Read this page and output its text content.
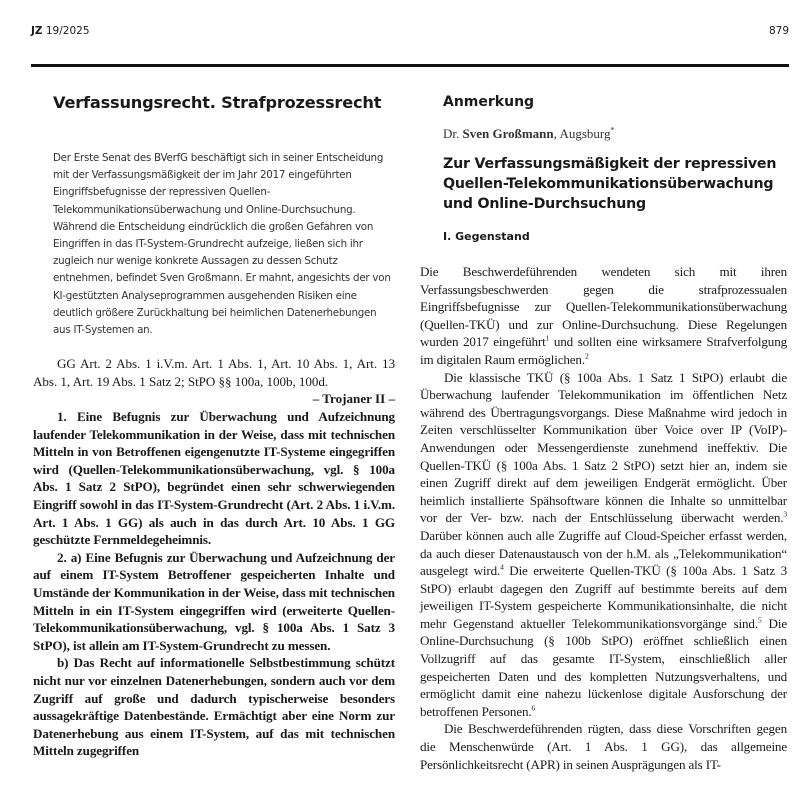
JZ 19/2025	879
Verfassungsrecht. Strafprozessrecht

Der Erste Senat des BVerfG beschäftigt sich in seiner Entscheidung mit der Verfassungsmäßigkeit der im Jahr 2017 eingeführten Eingriffsbefugnisse der repressiven Quellen-Telekommunikationsüberwachung und Online-Durchsuchung. Während die Entscheidung eindrücklich die großen Gefahren von Eingriffen in das IT-System-Grundrecht aufzeige, ließen sich ihr zugleich nur wenige konkrete Aussagen zu dessen Schutz entnehmen, befindet Sven Großmann. Er mahnt, angesichts der von KI-gestützten Analyseprogrammen ausgehenden Risiken eine deutlich größere Zurückhaltung bei heimlichen Datenerhebungen aus IT-Systemen an.

GG Art. 2 Abs. 1 i.V.m. Art. 1 Abs. 1, Art. 10 Abs. 1, Art. 13 Abs. 1, Art. 19 Abs. 1 Satz 2; StPO §§ 100a, 100b, 100d.

– Trojaner II –

1. Eine Befugnis zur Überwachung und Aufzeichnung laufender Telekommunikation in der Weise, dass mit technischen Mitteln in von Betroffenen eigengenutzte IT-Systeme eingegriffen wird (Quellen-Telekommunikationsüberwachung, vgl. § 100a Abs. 1 Satz 2 StPO), begründet einen sehr schwerwiegenden Eingriff sowohl in das IT-System-Grundrecht (Art. 2 Abs. 1 i.V.m. Art. 1 Abs. 1 GG) als auch in das durch Art. 10 Abs. 1 GG geschützte Fernmeldegeheimnis.

2. a) Eine Befugnis zur Überwachung und Aufzeichnung der auf einem IT-System Betroffener gespeicherten Inhalte und Umstände der Kommunikation in der Weise, dass mit technischen Mitteln in ein IT-System eingegriffen wird (erweiterte Quellen-Telekommunikationsüberwachung, vgl. § 100a Abs. 1 Satz 3 StPO), ist allein am IT-System-Grundrecht zu messen.

b) Das Recht auf informationelle Selbstbestimmung schützt nicht nur vor einzelnen Datenerhebungen, sondern auch vor dem Zugriff auf große und dadurch typischerweise besonders aussagekräftige Datenbestände. Ermächtigt aber eine Norm zur Datenerhebung aus einem IT-System, auf das mit technischen Mitteln zugegriffen

Anmerkung

Dr. Sven Großmann, Augsburg*

Zur Verfassungsmäßigkeit der repressiven Quellen-Telekommunikationsüberwachung und Online-Durchsuchung
I. Gegenstand

Die Beschwerdeführenden wendeten sich mit ihren Verfassungsbeschwerden gegen die strafprozessualen Eingriffsbefugnisse zur Quellen-Telekommunikationsüberwachung (Quellen-TKÜ) und zur Online-Durchsuchung. Diese Regelungen wurden 2017 eingeführt$^1$ und sollten eine wirksamere Strafverfolgung im digitalen Raum ermöglichen.$^2$

Die klassische TKÜ (§ 100a Abs. 1 Satz 1 StPO) erlaubt die Überwachung laufender Telekommunikation im öffentlichen Netz während des Übertragungsvorgangs. Diese Maßnahme wird jedoch in Zeiten verschlüsselter Kommunikation über Voice over IP (VoIP)-Anwendungen oder Messengerdienste zunehmend ineffektiv. Die Quellen-TKÜ (§ 100a Abs. 1 Satz 2 StPO) setzt hier an, indem sie einen Zugriff direkt auf dem jeweiligen Endgerät ermöglicht. Über heimlich installierte Spähsoftware können die Inhalte so unmittelbar vor der Ver- bzw. nach der Entschlüsselung überwacht werden.$^3$ Darüber können auch alle Zugriffe auf Cloud-Speicher erfasst werden, da auch dieser Datenaustausch von der h.M. als „Telekommunikation“ ausgelegt wird.$^4$ Die erweiterte Quellen-TKÜ (§ 100a Abs. 1 Satz 3 StPO) erlaubt dagegen den Zugriff auf bestimmte bereits auf dem jeweiligen IT-System gespeicherte Kommunikationsinhalte, die nicht mehr Gegenstand aktueller Telekommunikationsvorgänge sind.$^5$ Die Online-Durchsuchung (§ 100b StPO) eröffnet schließlich einen Vollzugriff auf das gesamte IT-System, einschließlich aller gespeicherten Daten und des kompletten Nutzungsverhaltens, und ermöglicht damit eine nahezu lückenlose digitale Ausforschung der betroffenen Personen.$^6$

Die Beschwerdeführenden rügten, dass diese Vorschriften gegen die Menschenwürde (Art. 1 Abs. 1 GG), das allgemeine Persönlichkeitsrecht (APR) in seinen Ausprägungen als IT-
